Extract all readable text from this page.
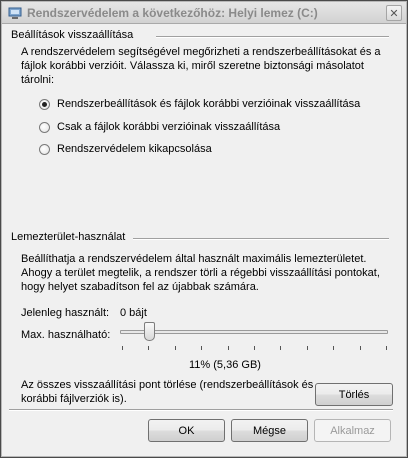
Rendszervédelem a következőhöz: Helyi lemez (C:)	✕
Beállítások visszaállítása
A rendszervédelem segítségével megőrizheti a rendszerbeállításokat és a fájlok korábbi verzióit. Válassza ki, miről szeretne biztonsági másolatot tárolni:
Rendszerbeállítások és fájlok korábbi verzióinak visszaállítása
Csak a fájlok korábbi verzióinak visszaállítása
Rendszervédelem kikapcsolása
Lemezterület-használat
Beállíthatja a rendszervédelem által használt maximális lemezterületet. Ahogy a terület megtelik, a rendszer törli a régebbi visszaállítási pontokat, hogy helyet szabadítson fel az újabbak számára.
Jelenleg használt: 0 bájt
Max. használható:
11% (5,36 GB)
Az összes visszaállítási pont törlése (rendszerbeállítások és korábbi fájlverziók is).	Törlés
OK	Mégse	Alkalmaz
